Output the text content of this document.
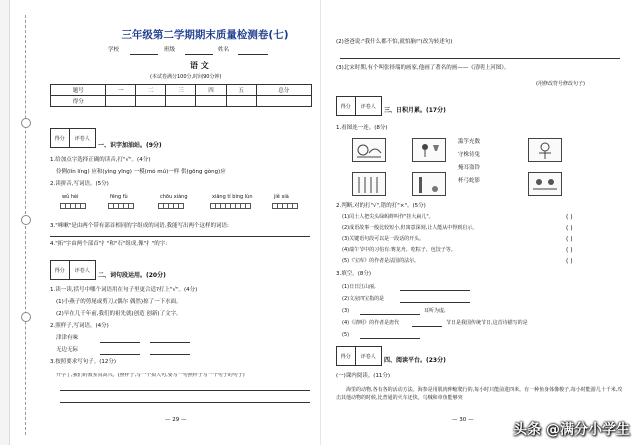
三年级第二学期期末质量检测卷(七)
学校	班级	姓名
语 文
(本试卷满分100分,时间90分钟)
题号	一	二	三	四	五	总分
得分						
得分	评卷人
一、识字加油站。(9分)
1.给加点字选择正确的读音,打"√"。(4分)
伶俐(lín líng) 应和(yìng yīng) 一模(mó mú)一样 供(gōng gòng)应
2.读拼音,写词语。(5分)
wǔ hèi	fēng fù	chōu xiàng	xiāng tí bìng lùn	jiě xià
3."咪嗽"是由两个带有部首相同的字组成的词语,我能写出两个这样的词语:
4."拓"字由两个部首"扌"和"石"组成,像"扌"的字:
得分	评卷人
二、词句段运用。(20分)
1.读一读,括号中哪个词语用在句子里更合适?打上"√"。(4分)
(1)小燕子的剪尾或剪刀,(偶尔 偶然)掠了一下水面。
(2)早在几千年前,我们的祖先就(创造 创新)了文字。
2.照样子,写词语。(4分)
津津有味
无边无际
3.按照要求写句子。(12分)
开学了,我们的教室真高兴。(照样子,写一个拟人句,要写一句照样子写一个句子的句子)
— 29 —
(2)爸爸说:"我什么都不怕,就怕脑!"(改为转述句)
(3)北宋时期,有个叫张择端的画家,他画了著名的画——《清明上河图》。
(用修改符号修改句子)
得分	评卷人
三、日积月累。(17分)
1.看图连一连。(8分)
滥竽充数
守株待兔
掩耳盗铃
杯弓蛇影
2.判断,对的打"√",错的打"×"。(5分)
(1)闰土人把尖头绿蚂蚱叫作"挂大扁儿"。	( )
(2)成语故事一般比较短小,但寓意深刻,让人能从中得到启示。	( )
(3)关键语句段可以是一段话的开头。	( )
(4)端午节中的习俗有:赛龙舟、吃粽子、包饺子等。	( )
(5)《宝库》的作者是法国的法尔。	( )
3.填空。(8分)
(1)日日江山丽,
(2)文房四宝指的是
(3)	耳听为虚,
(4)《清明》的作者是唐代	节日是我国传统节日,这首诗描写的是
(5)
得分	评卷人
四、阅读平台。(23分)
(一)课内阅读。(11分)
海里的动物,各有各的活动方法。海参是用肌肉伸缩爬行的,每小时只能前进四米。有一种鱼身体像梭子,每小时能游几十千米,攻击其他动物的时候,比普通的火车还快。乌贼和章鱼能够突
— 30 —
头条 @满分小学生
